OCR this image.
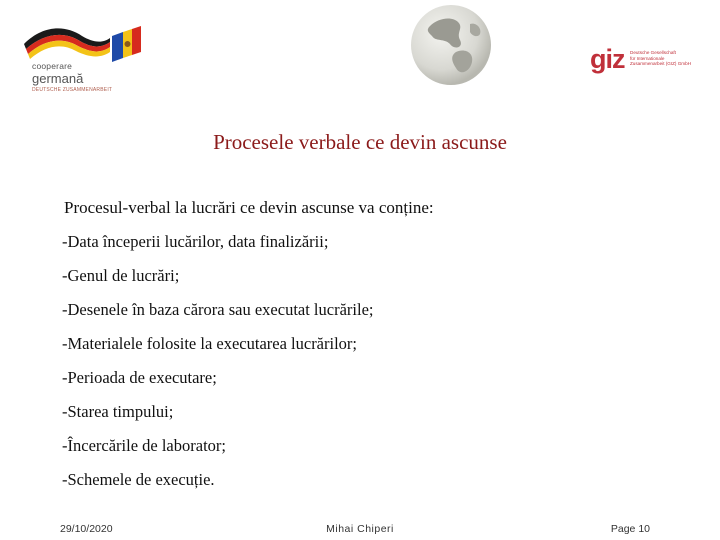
cooperare
germană
DEUTSCHE ZUSAMMENARBEIT
giz Deutsche Gesellschaft
für Internationale
Zusammenarbeit (GIZ) GmbH
Procesele verbale ce devin ascunse
Procesul-verbal la lucrări ce devin ascunse va conține:
-Data începerii lucărilor, data finalizării;
-Genul de lucrări;
-Desenele în baza cărora sau executat lucrările;
-Materialele folosite la executarea lucrărilor;
-Perioada de executare;
-Starea timpului;
-Încercările de laborator;
-Schemele de execuție.
29/10/2020	Mihai Chiperi	Page 10
